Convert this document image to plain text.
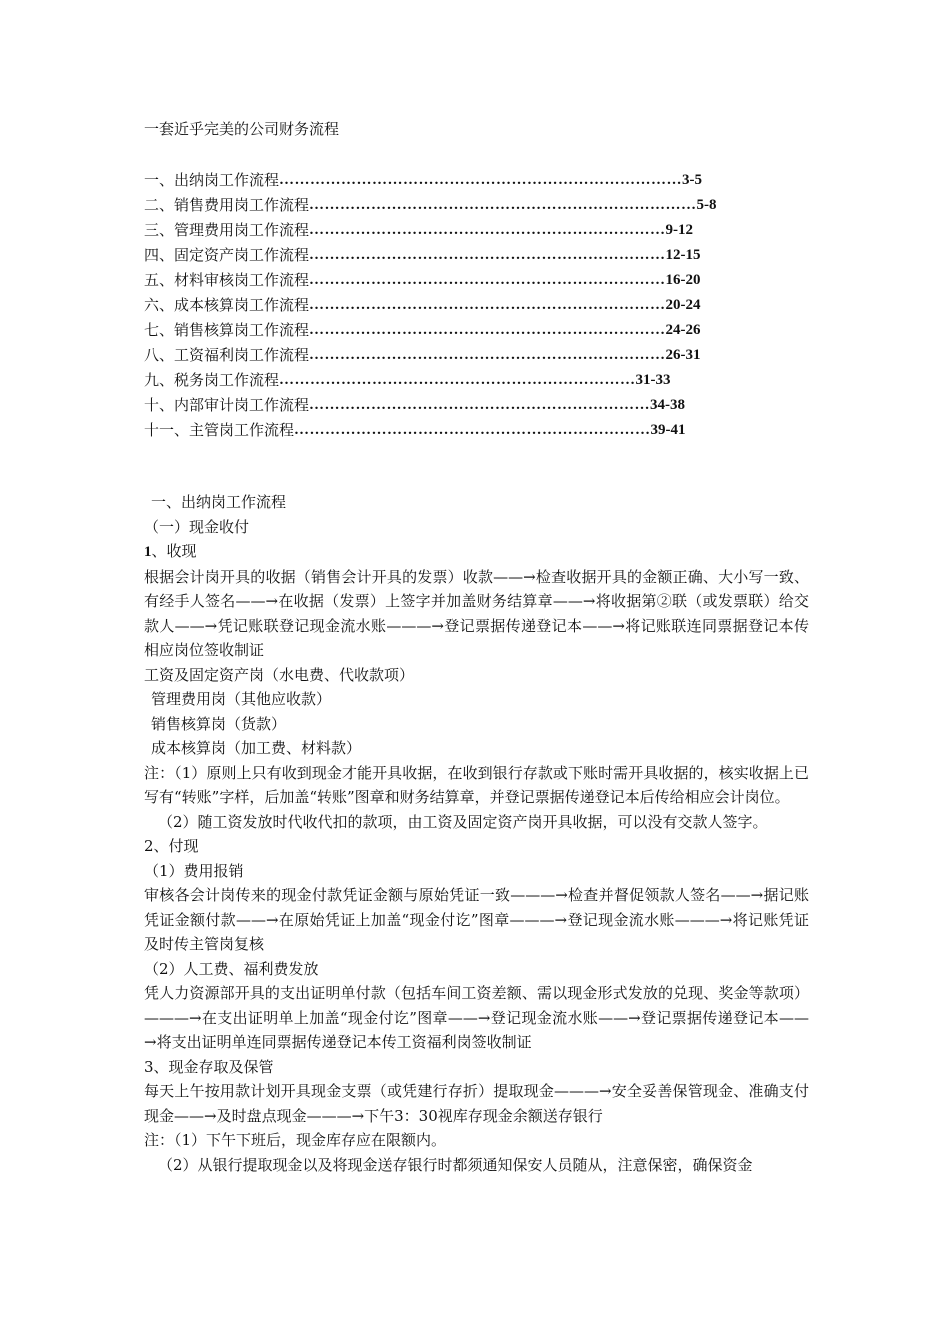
一套近乎完美的公司财务流程
一、出纳岗工作流程 …………………………………………………………………… 3-5
二、销售费用岗工作流程 ………………………………………………………………… 5-8
三、管理费用岗工作流程 …………………………………………………………… 9-12
四、固定资产岗工作流程 …………………………………………………………… 12-15
五、材料审核岗工作流程 …………………………………………………………… 16-20
六、成本核算岗工作流程 …………………………………………………………… 20-24
七、销售核算岗工作流程 …………………………………………………………… 24-26
八、工资福利岗工作流程 …………………………………………………………… 26-31
九、税务岗工作流程 …………………………………………………………… 31-33
十、内部审计岗工作流程 ………………………………………………………… 34-38
十一、主管岗工作流程 …………………………………………………………… 39-41

一、出纳岗工作流程

（一）现金收付

1、收现

根据会计岗开具的收据（销售会计开具的发票）收款——→检查收据开具的金额正确、大小写一致、有经手人签名——→在收据（发票）上签字并加盖财务结算章——→将收据第②联（或发票联）给交款人——→凭记账联登记现金流水账———→登记票据传递登记本——→将记账联连同票据登记本传相应岗位签收制证

工资及固定资产岗（水电费、代收款项）

管理费用岗（其他应收款）

销售核算岗（货款）

成本核算岗（加工费、材料款）

注：（1）原则上只有收到现金才能开具收据，在收到银行存款或下账时需开具收据的，核实收据上已写有“转账”字样，后加盖“转账”图章和财务结算章，并登记票据传递登记本后传给相应会计岗位。

（2）随工资发放时代收代扣的款项，由工资及固定资产岗开具收据，可以没有交款人签字。

2、付现

（1）费用报销

审核各会计岗传来的现金付款凭证金额与原始凭证一致———→检查并督促领款人签名——→据记账凭证金额付款——→在原始凭证上加盖“现金付讫”图章———→登记现金流水账———→将记账凭证及时传主管岗复核

（2）人工费、福利费发放

凭人力资源部开具的支出证明单付款（包括车间工资差额、需以现金形式发放的兑现、奖金等款项）———→在支出证明单上加盖“现金付讫”图章——→登记现金流水账——→登记票据传递登记本——→将支出证明单连同票据传递登记本传工资福利岗签收制证

3、现金存取及保管

每天上午按用款计划开具现金支票（或凭建行存折）提取现金———→安全妥善保管现金、准确支付现金——→及时盘点现金———→下午3：30视库存现金余额送存银行

注：（1）下午下班后，现金库存应在限额内。

（2）从银行提取现金以及将现金送存银行时都须通知保安人员随从，注意保密，确保资金
